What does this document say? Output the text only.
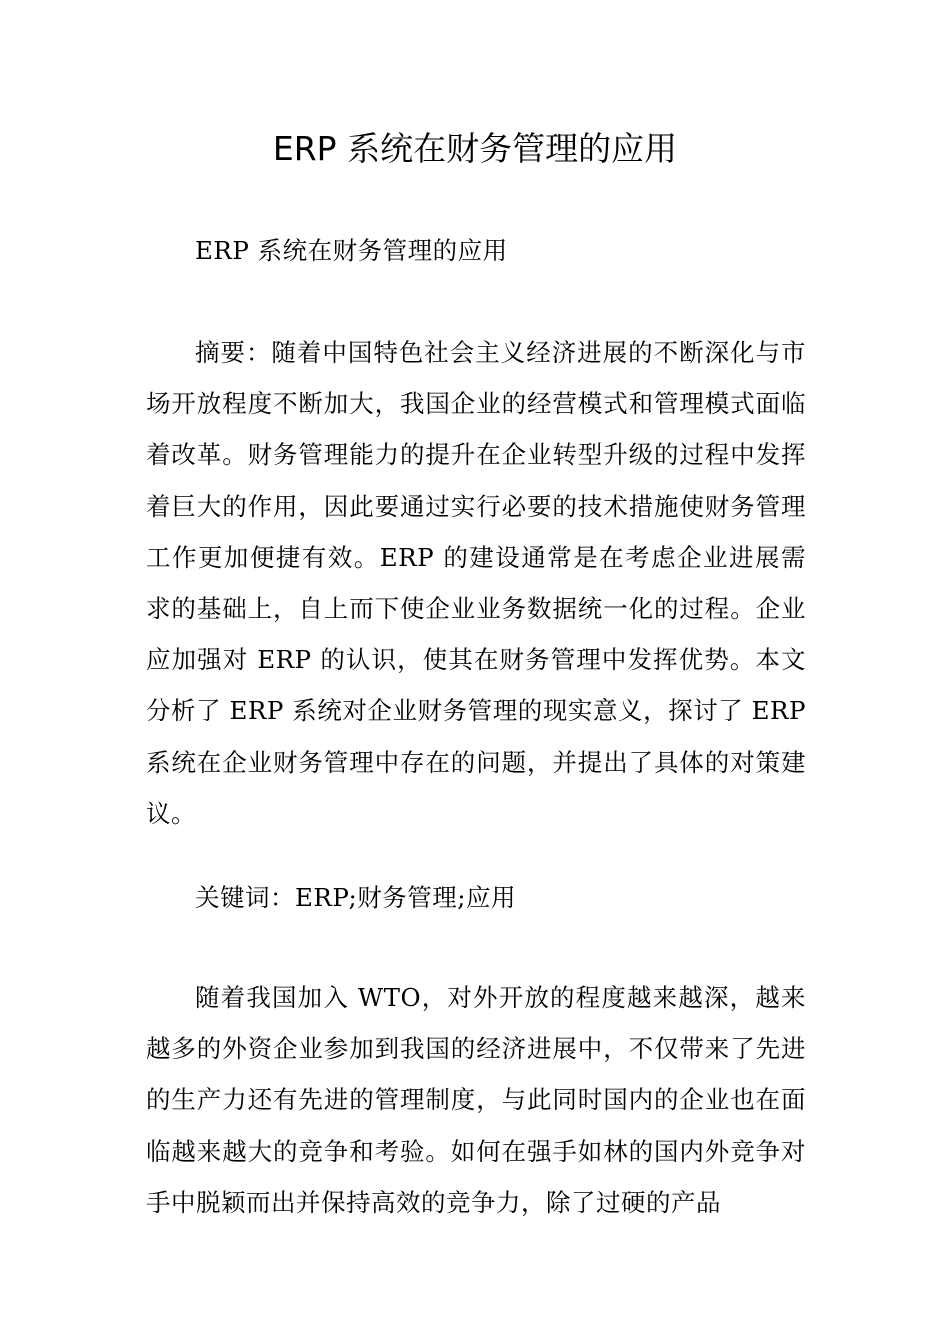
ERP 系统在财务管理的应用

ERP 系统在财务管理的应用

摘要：随着中国特色社会主义经济进展的不断深化与市场开放程度不断加大，我国企业的经营模式和管理模式面临着改革。财务管理能力的提升在企业转型升级的过程中发挥着巨大的作用，因此要通过实行必要的技术措施使财务管理工作更加便捷有效。ERP 的建设通常是在考虑企业进展需求的基础上，自上而下使企业业务数据统一化的过程。企业应加强对 ERP 的认识，使其在财务管理中发挥优势。本文分析了 ERP 系统对企业财务管理的现实意义，探讨了 ERP 系统在企业财务管理中存在的问题，并提出了具体的对策建议。

关键词：ERP;财务管理;应用

随着我国加入 WTO，对外开放的程度越来越深，越来越多的外资企业参加到我国的经济进展中，不仅带来了先进的生产力还有先进的管理制度，与此同时国内的企业也在面临越来越大的竞争和考验。如何在强手如林的国内外竞争对手中脱颖而出并保持高效的竞争力，除了过硬的产品
